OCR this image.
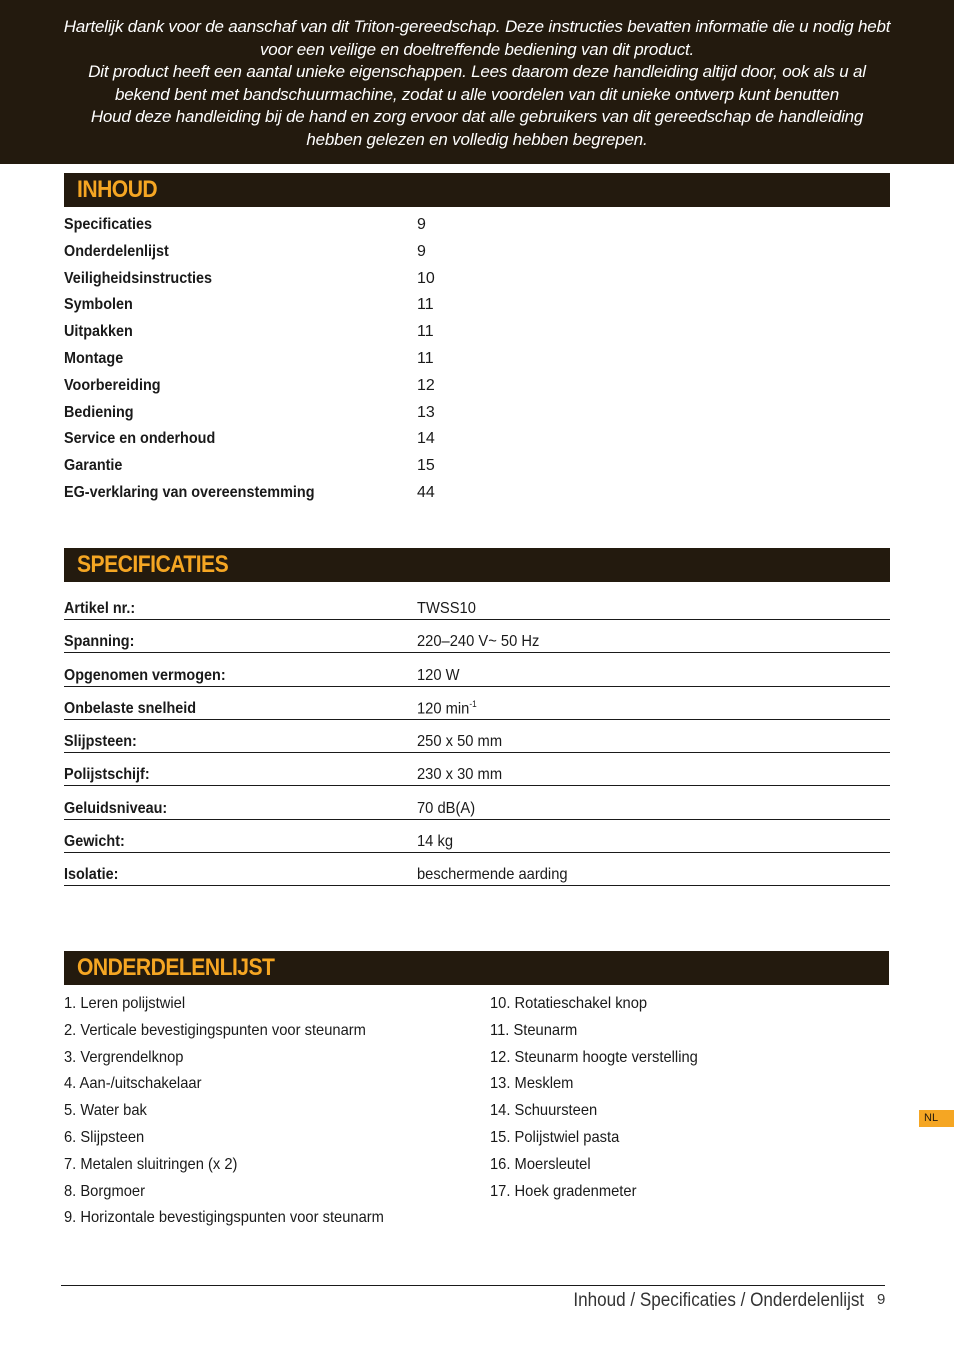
Hartelijk dank voor de aanschaf van dit Triton-gereedschap. Deze instructies bevatten informatie die u nodig hebt

voor een veilige en doeltreffende bediening van dit product.

Dit product heeft een aantal unieke eigenschappen. Lees daarom deze handleiding altijd door, ook als u al

bekend bent met bandschuurmachine, zodat u alle voordelen van dit unieke ontwerp kunt benutten

Houd deze handleiding bij de hand en zorg ervoor dat alle gebruikers van dit gereedschap de handleiding

hebben gelezen en volledig hebben begrepen.

INHOUD
Specificaties	9
Onderdelenlijst	9
Veiligheidsinstructies	10
Symbolen	11
Uitpakken	11
Montage	11
Voorbereiding	12
Bediening	13
Service en onderhoud	14
Garantie	15
EG-verklaring van overeenstemming	44
SPECIFICATIES
Artikel nr.:	TWSS10
Spanning:	220–240 V~ 50 Hz
Opgenomen vermogen:	120 W
Onbelaste snelheid	120 $\min^{-1}$
Slijpsteen:	250 x 50 mm
Polijstschijf:	230 x 30 mm
Geluidsniveau:	70 dB(A)
Gewicht:	14 kg
Isolatie:	beschermende aarding
ONDERDELENLIJST
1. Leren polijstwiel
2. Verticale bevestigingspunten voor steunarm
3. Vergrendelknop
4. Aan-/uitschakelaar
5. Water bak
6. Slijpsteen
7. Metalen sluitringen (x 2)
8. Borgmoer
9. Horizontale bevestigingspunten voor steunarm
10. Rotatieschakel knop
11. Steunarm
12. Steunarm hoogte verstelling
13. Mesklem
14. Schuursteen
15. Polijstwiel pasta
16. Moersleutel
17. Hoek gradenmeter
NL
Inhoud / Specificaties / Onderdelenlijst 9
